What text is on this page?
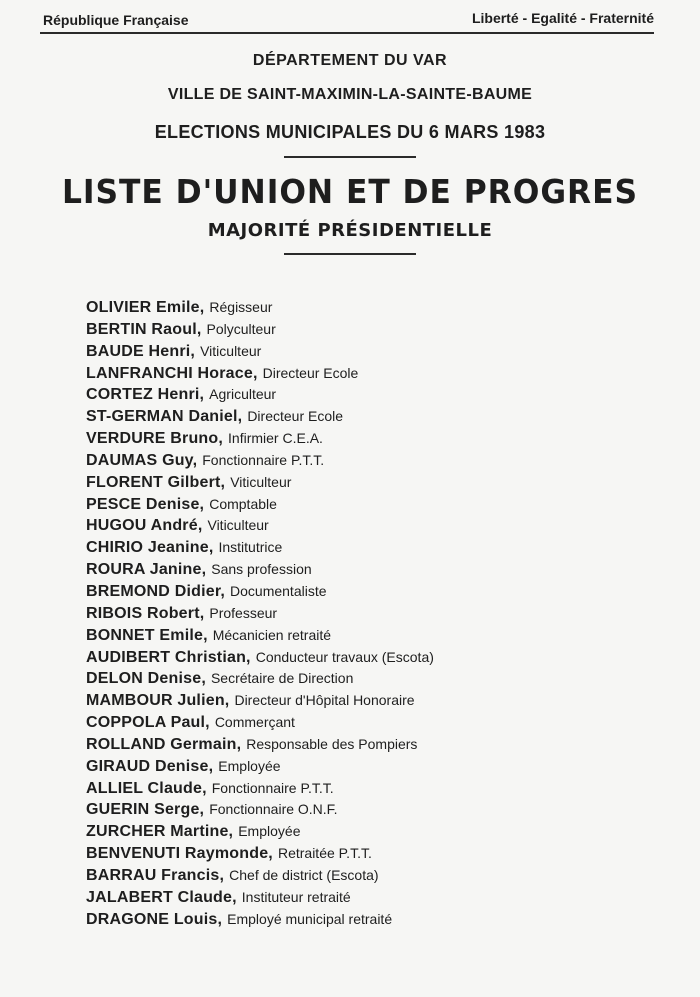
République Française	Liberté - Egalité - Fraternité
DÉPARTEMENT DU VAR
VILLE DE SAINT-MAXIMIN-LA-SAINTE-BAUME
ELECTIONS MUNICIPALES DU 6 MARS 1983
LISTE D'UNION ET DE PROGRES
MAJORITÉ PRÉSIDENTIELLE
OLIVIER Emile, Régisseur
BERTIN Raoul, Polyculteur
BAUDE Henri, Viticulteur
LANFRANCHI Horace, Directeur Ecole
CORTEZ Henri, Agriculteur
ST-GERMAN Daniel, Directeur Ecole
VERDURE Bruno, Infirmier C.E.A.
DAUMAS Guy, Fonctionnaire P.T.T.
FLORENT Gilbert, Viticulteur
PESCE Denise, Comptable
HUGOU André, Viticulteur
CHIRIO Jeanine, Institutrice
ROURA Janine, Sans profession
BREMOND Didier, Documentaliste
RIBOIS Robert, Professeur
BONNET Emile, Mécanicien retraité
AUDIBERT Christian, Conducteur travaux (Escota)
DELON Denise, Secrétaire de Direction
MAMBOUR Julien, Directeur d'Hôpital Honoraire
COPPOLA Paul, Commerçant
ROLLAND Germain, Responsable des Pompiers
GIRAUD Denise, Employée
ALLIEL Claude, Fonctionnaire P.T.T.
GUERIN Serge, Fonctionnaire O.N.F.
ZURCHER Martine, Employée
BENVENUTI Raymonde, Retraitée P.T.T.
BARRAU Francis, Chef de district (Escota)
JALABERT Claude, Instituteur retraité
DRAGONE Louis, Employé municipal retraité
